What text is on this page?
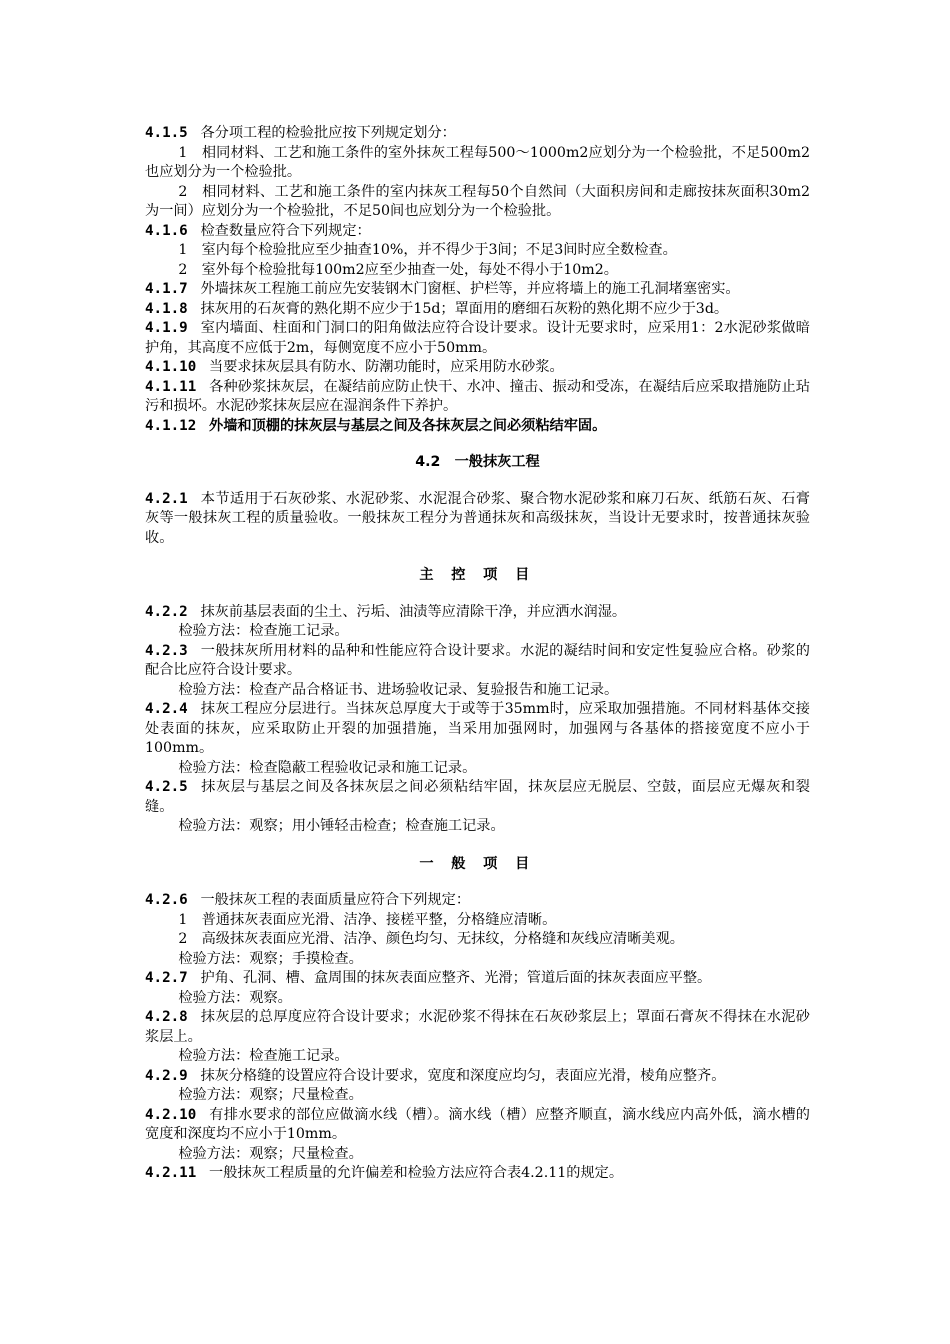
4.1.5 各分项工程的检验批应按下列规定划分：

1　相同材料、工艺和施工条件的室外抹灰工程每500～1000m2应划分为一个检验批，不足500m2也应划分为一个检验批。

2　相同材料、工艺和施工条件的室内抹灰工程每50个自然间（大面积房间和走廊按抹灰面积30m2为一间）应划分为一个检验批，不足50间也应划分为一个检验批。

4.1.6 检查数量应符合下列规定：

1　室内每个检验批应至少抽查10%，并不得少于3间；不足3间时应全数检查。

2　室外每个检验批每100m2应至少抽查一处，每处不得小于10m2。

4.1.7 外墙抹灰工程施工前应先安装钢木门窗框、护栏等，并应将墙上的施工孔洞堵塞密实。

4.1.8 抹灰用的石灰膏的熟化期不应少于15d；罩面用的磨细石灰粉的熟化期不应少于3d。

4.1.9 室内墙面、柱面和门洞口的阳角做法应符合设计要求。设计无要求时，应采用1：2水泥砂浆做暗护角，其高度不应低于2m，每侧宽度不应小于50mm。

4.1.10 当要求抹灰层具有防水、防潮功能时，应采用防水砂浆。

4.1.11 各种砂浆抹灰层，在凝结前应防止快干、水冲、撞击、振动和受冻，在凝结后应采取措施防止玷污和损坏。水泥砂浆抹灰层应在湿润条件下养护。

4.1.12 外墙和顶棚的抹灰层与基层之间及各抹灰层之间必须粘结牢固。

4.2　一般抹灰工程

4.2.1 本节适用于石灰砂浆、水泥砂浆、水泥混合砂浆、聚合物水泥砂浆和麻刀石灰、纸筋石灰、石膏灰等一般抹灰工程的质量验收。一般抹灰工程分为普通抹灰和高级抹灰，当设计无要求时，按普通抹灰验收。

主 控 项 目

4.2.2 抹灰前基层表面的尘土、污垢、油渍等应清除干净，并应洒水润湿。

检验方法：检查施工记录。

4.2.3 一般抹灰所用材料的品种和性能应符合设计要求。水泥的凝结时间和安定性复验应合格。砂浆的配合比应符合设计要求。

检验方法：检查产品合格证书、进场验收记录、复验报告和施工记录。

4.2.4 抹灰工程应分层进行。当抹灰总厚度大于或等于35mm时，应采取加强措施。不同材料基体交接处表面的抹灰，应采取防止开裂的加强措施，当采用加强网时，加强网与各基体的搭接宽度不应小于100mm。

检验方法：检查隐蔽工程验收记录和施工记录。

4.2.5 抹灰层与基层之间及各抹灰层之间必须粘结牢固，抹灰层应无脱层、空鼓，面层应无爆灰和裂缝。

检验方法：观察；用小锤轻击检查；检查施工记录。

一 般 项 目

4.2.6 一般抹灰工程的表面质量应符合下列规定：

1　普通抹灰表面应光滑、洁净、接槎平整，分格缝应清晰。

2　高级抹灰表面应光滑、洁净、颜色均匀、无抹纹，分格缝和灰线应清晰美观。

检验方法：观察；手摸检查。

4.2.7 护角、孔洞、槽、盒周围的抹灰表面应整齐、光滑；管道后面的抹灰表面应平整。

检验方法：观察。

4.2.8 抹灰层的总厚度应符合设计要求；水泥砂浆不得抹在石灰砂浆层上；罩面石膏灰不得抹在水泥砂浆层上。

检验方法：检查施工记录。

4.2.9 抹灰分格缝的设置应符合设计要求，宽度和深度应均匀，表面应光滑，棱角应整齐。

检验方法：观察；尺量检查。

4.2.10 有排水要求的部位应做滴水线（槽）。滴水线（槽）应整齐顺直，滴水线应内高外低，滴水槽的宽度和深度均不应小于10mm。

检验方法：观察；尺量检查。

4.2.11 一般抹灰工程质量的允许偏差和检验方法应符合表4.2.11的规定。
